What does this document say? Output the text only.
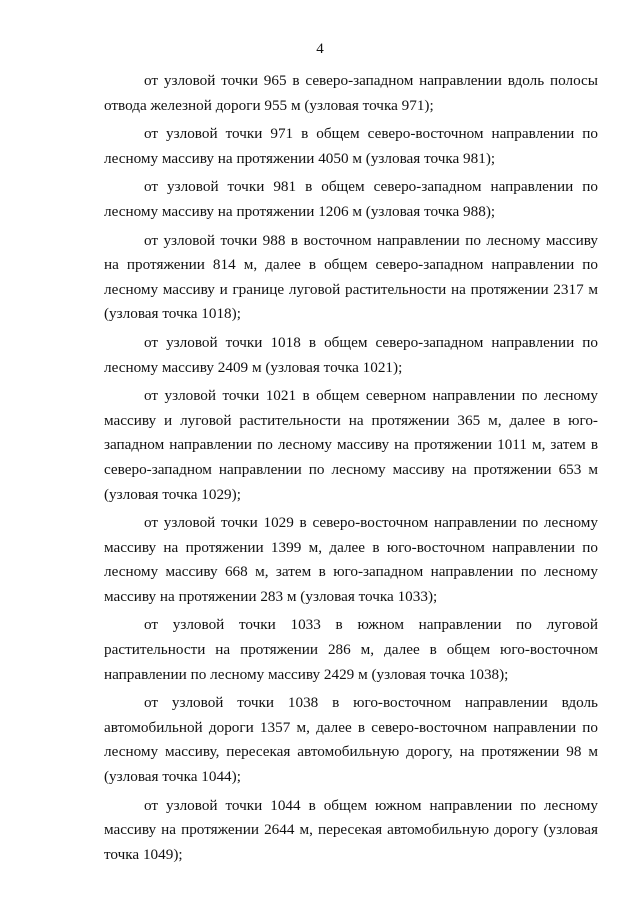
4

от узловой точки 965 в северо-западном направлении вдоль полосы отвода железной дороги 955 м (узловая точка 971);

от узловой точки 971 в общем северо-восточном направлении по лесному массиву на протяжении 4050 м (узловая точка 981);

от узловой точки 981 в общем северо-западном направлении по лесному массиву на протяжении 1206 м (узловая точка 988);

от узловой точки 988 в восточном направлении по лесному массиву на протяжении 814 м, далее в общем северо-западном направлении по лесному массиву и границе луговой растительности на протяжении 2317 м (узловая точка 1018);

от узловой точки 1018 в общем северо-западном направлении по лесному массиву 2409 м (узловая точка 1021);

от узловой точки 1021 в общем северном направлении по лесному массиву и луговой растительности на протяжении 365 м, далее в юго-западном направлении по лесному массиву на протяжении 1011 м, затем в северо-западном направлении по лесному массиву на протяжении 653 м (узловая точка 1029);

от узловой точки 1029 в северо-восточном направлении по лесному массиву на протяжении 1399 м, далее в юго-восточном направлении по лесному массиву 668 м, затем в юго-западном направлении по лесному массиву на протяжении 283 м (узловая точка 1033);

от узловой точки 1033 в южном направлении по луговой растительности на протяжении 286 м, далее в общем юго-восточном направлении по лесному массиву 2429 м (узловая точка 1038);

от узловой точки 1038 в юго-восточном направлении вдоль автомобильной дороги 1357 м, далее в северо-восточном направлении по лесному массиву, пересекая автомобильную дорогу, на протяжении 98 м (узловая точка 1044);

от узловой точки 1044 в общем южном направлении по лесному массиву на протяжении 2644 м, пересекая автомобильную дорогу (узловая точка 1049);
